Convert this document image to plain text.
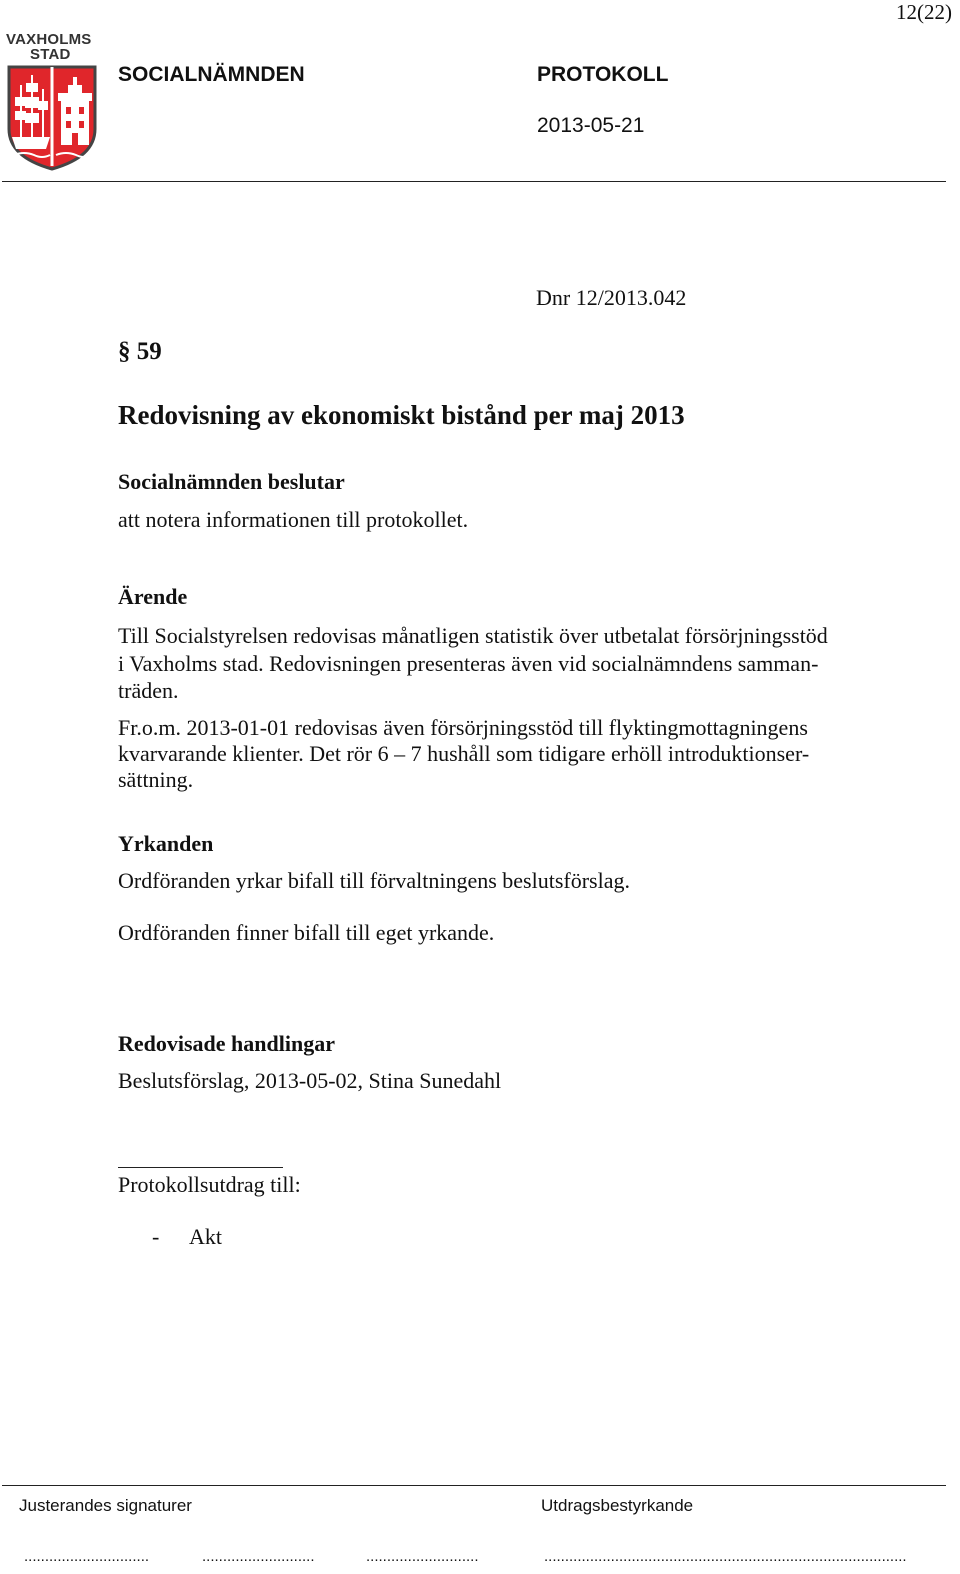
12(22)
VAXHOLMS
STAD
SOCIALNÄMNDEN	PROTOKOLL
2013-05-21
Dnr 12/2013.042
§ 59
Redovisning av ekonomiskt bistånd per maj 2013
Socialnämnden beslutar
att notera informationen till protokollet.
Ärende
Till Socialstyrelsen redovisas månatligen statistik över utbetalat försörjningsstöd
i Vaxholms stad. Redovisningen presenteras även vid socialnämndens samman-
träden.
Fr.o.m. 2013-01-01 redovisas även försörjningsstöd till flyktingmottagningens
kvarvarande klienter. Det rör 6 – 7 hushåll som tidigare erhöll introduktionser-
sättning.
Yrkanden
Ordföranden yrkar bifall till förvaltningens beslutsförslag.
Ordföranden finner bifall till eget yrkande.
Redovisade handlingar
Beslutsförslag, 2013-05-02, Stina Sunedahl
Protokollsutdrag till:
- Akt
Justerandes signaturer	Utdragsbestyrkande
..............................	...........................	...........................	.......................................................................................
